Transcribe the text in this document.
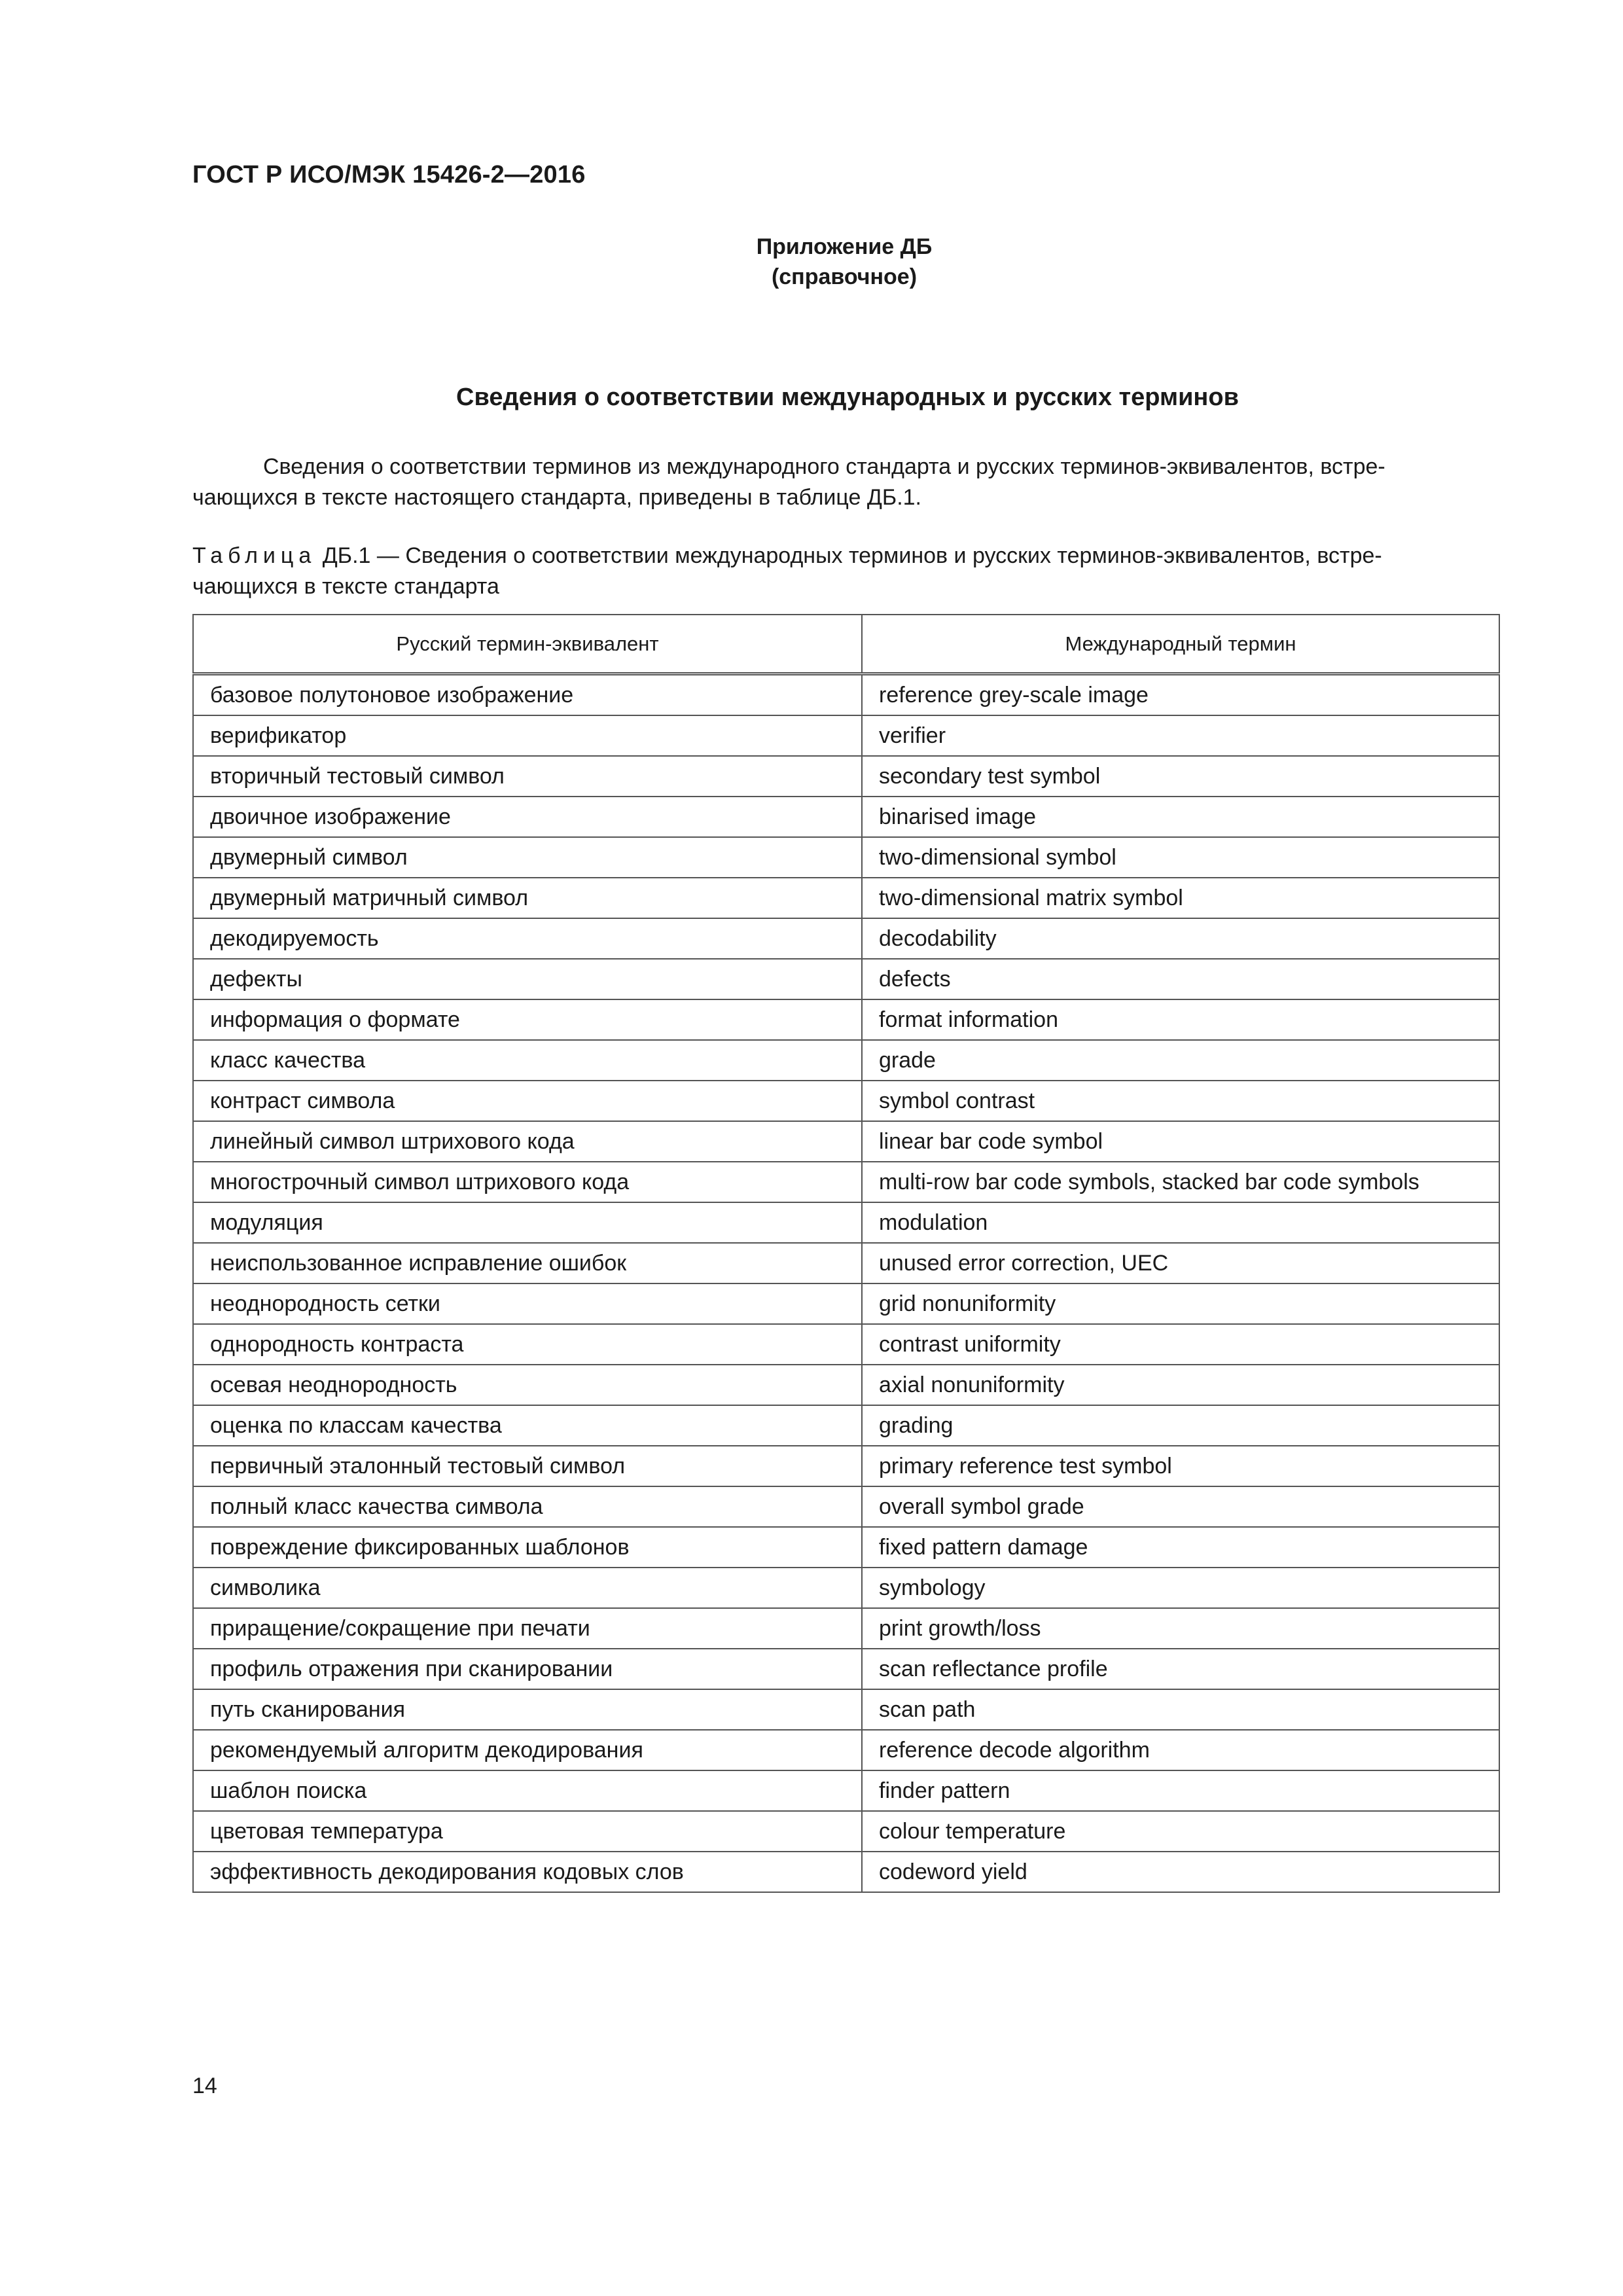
ГОСТ Р ИСО/МЭК 15426-2—2016
Приложение ДБ
(справочное)
Сведения о соответствии международных и русских терминов
Сведения о соответствии терминов из международного стандарта и русских терминов-эквивалентов, встре-
чающихся в тексте настоящего стандарта, приведены в таблице ДБ.1.
Таблица ДБ.1 — Сведения о соответствии международных терминов и русских терминов-эквивалентов, встре-
чающихся в тексте стандарта
Русский термин-эквивалент	Международный термин
базовое полутоновое изображение	reference grey-scale image
верификатор	verifier
вторичный тестовый символ	secondary test symbol
двоичное изображение	binarised image
двумерный символ	two-dimensional symbol
двумерный матричный символ	two-dimensional matrix symbol
декодируемость	decodability
дефекты	defects
информация о формате	format information
класс качества	grade
контраст символа	symbol contrast
линейный символ штрихового кода	linear bar code symbol
многострочный символ штрихового кода	multi-row bar code symbols, stacked bar code symbols
модуляция	modulation
неиспользованное исправление ошибок	unused error correction, UEC
неоднородность сетки	grid nonuniformity
однородность контраста	contrast uniformity
осевая неоднородность	axial nonuniformity
оценка по классам качества	grading
первичный эталонный тестовый символ	primary reference test symbol
полный класс качества символа	overall symbol grade
повреждение фиксированных шаблонов	fixed pattern damage
символика	symbology
приращение/сокращение при печати	print growth/loss
профиль отражения при сканировании	scan reflectance profile
путь сканирования	scan path
рекомендуемый алгоритм декодирования	reference decode algorithm
шаблон поиска	finder pattern
цветовая температура	colour temperature
эффективность декодирования кодовых слов	codeword yield
14
